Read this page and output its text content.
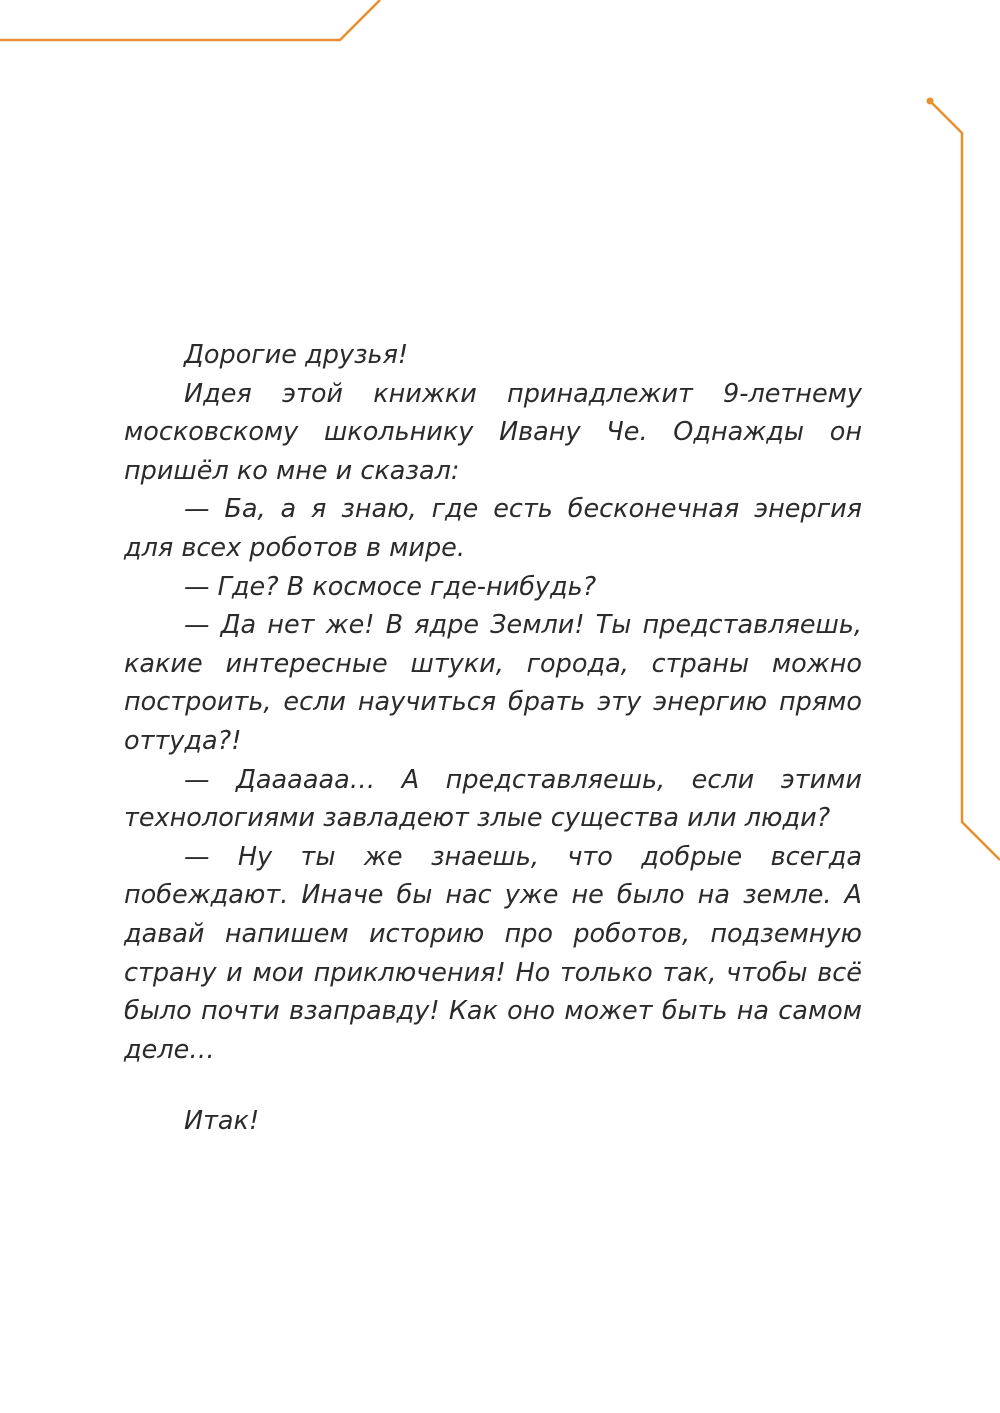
Дорогие друзья!

Идея этой книжки принадлежит 9-летнему московскому школьнику Ивану Че. Однажды он пришёл ко мне и сказал:

— Ба, а я знаю, где есть бесконечная энергия для всех роботов в мире.

— Где? В космосе где-нибудь?

— Да нет же! В ядре Земли! Ты представляешь, какие интересные штуки, города, страны можно построить, если научиться брать эту энергию прямо оттуда?!

— Даааааа… А представляешь, если этими технологиями завладеют злые существа или люди?

— Ну ты же знаешь, что добрые всегда побеждают. Иначе бы нас уже не было на земле. А давай напишем историю про роботов, подземную страну и мои приключения! Но только так, чтобы всё было почти взаправду! Как оно может быть на самом деле…

Итак!
